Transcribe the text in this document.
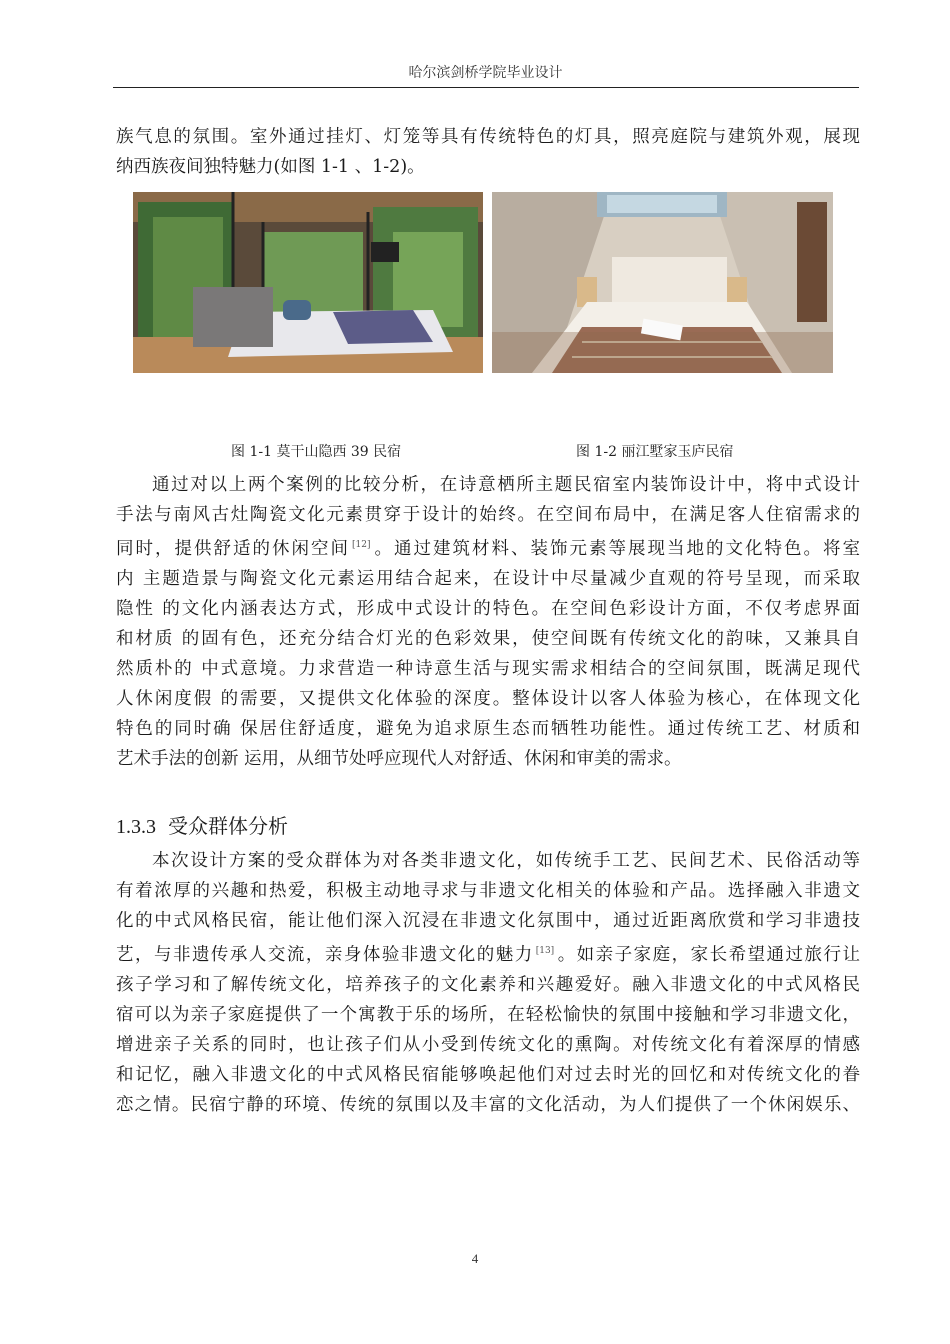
哈尔滨剑桥学院毕业设计
族气息的氛围。室外通过挂灯、灯笼等具有传统特色的灯具，照亮庭院与建筑外观，展现
纳西族夜间独特魅力(如图 1-1 、1-2)。
图 1-1 莫干山隐西 39 民宿	图 1-2 丽江墅家玉庐民宿
通过对以上两个案例的比较分析，在诗意栖所主题民宿室内装饰设计中，将中式设计
手法与南风古灶陶瓷文化元素贯穿于设计的始终。在空间布局中，在满足客人住宿需求的
同时，提供舒适的休闲空间 [12] 。通过建筑材料、装饰元素等展现当地的文化特色。将室
内 主题造景与陶瓷文化元素运用结合起来，在设计中尽量减少直观的符号呈现，而采取
隐性 的文化内涵表达方式，形成中式设计的特色。在空间色彩设计方面，不仅考虑界面
和材质 的固有色，还充分结合灯光的色彩效果，使空间既有传统文化的韵味，又兼具自
然质朴的 中式意境。力求营造一种诗意生活与现实需求相结合的空间氛围，既满足现代
人休闲度假 的需要，又提供文化体验的深度。整体设计以客人体验为核心，在体现文化
特色的同时确 保居住舒适度，避免为追求原生态而牺牲功能性。通过传统工艺、材质和
艺术手法的创新 运用，从细节处呼应现代人对舒适、休闲和审美的需求。
1.3.3 受众群体分析
本次设计方案的受众群体为对各类非遗文化，如传统手工艺、民间艺术、民俗活动等
有着浓厚的兴趣和热爱，积极主动地寻求与非遗文化相关的体验和产品。选择融入非遗文
化的中式风格民宿，能让他们深入沉浸在非遗文化氛围中，通过近距离欣赏和学习非遗技
艺，与非遗传承人交流，亲身体验非遗文化的魅力 [13] 。如亲子家庭，家长希望通过旅行让
孩子学习和了解传统文化，培养孩子的文化素养和兴趣爱好。融入非遗文化的中式风格民
宿可以为亲子家庭提供了一个寓教于乐的场所，在轻松愉快的氛围中接触和学习非遗文化，
增进亲子关系的同时，也让孩子们从小受到传统文化的熏陶。对传统文化有着深厚的情感
和记忆，融入非遗文化的中式风格民宿能够唤起他们对过去时光的回忆和对传统文化的眷
恋之情。民宿宁静的环境、传统的氛围以及丰富的文化活动，为人们提供了一个休闲娱乐、
4
